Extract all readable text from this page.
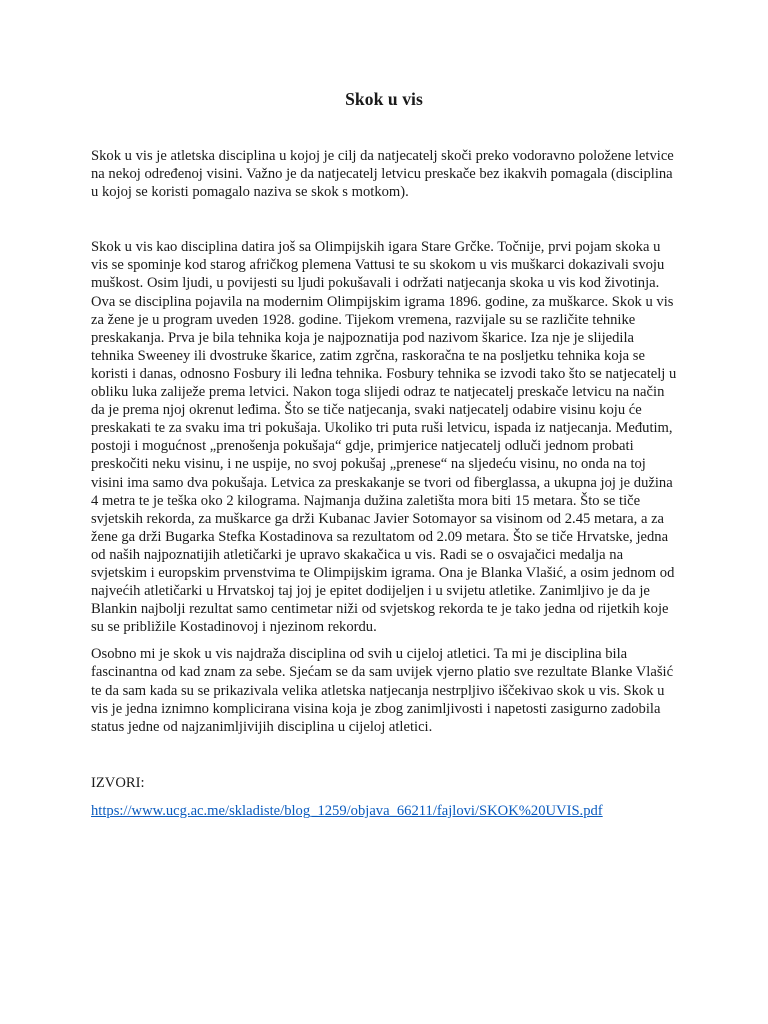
Skok u vis

Skok u vis je atletska disciplina u kojoj je cilj da natjecatelj skoči preko vodoravno položene letvice na nekoj određenoj visini. Važno je da natjecatelj letvicu preskače bez ikakvih pomagala (disciplina u kojoj se koristi pomagalo naziva se skok s motkom).

Skok u vis kao disciplina datira još sa Olimpijskih igara Stare Grčke. Točnije, prvi pojam skoka u vis se spominje kod starog afričkog plemena Vattusi te su skokom u vis muškarci dokazivali svoju muškost. Osim ljudi, u povijesti su ljudi pokušavali i održati natjecanja skoka u vis kod životinja. Ova se disciplina pojavila na modernim Olimpijskim igrama 1896. godine, za muškarce. Skok u vis za žene je u program uveden 1928. godine. Tijekom vremena, razvijale su se različite tehnike preskakanja. Prva je bila tehnika koja je najpoznatija pod nazivom škarice. Iza nje je slijedila tehnika Sweeney ili dvostruke škarice, zatim zgrčna, raskoračna te na posljetku tehnika koja se koristi i danas, odnosno Fosbury ili leđna tehnika. Fosbury tehnika se izvodi tako što se natjecatelj u obliku luka zaliježe prema letvici. Nakon toga slijedi odraz te natjecatelj preskače letvicu na način da je prema njoj okrenut leđima. Što se tiče natjecanja, svaki natjecatelj odabire visinu koju će preskakati te za svaku ima tri pokušaja. Ukoliko tri puta ruši letvicu, ispada iz natjecanja. Međutim, postoji i mogućnost „prenošenja pokušaja“ gdje, primjerice natjecatelj odluči jednom probati preskočiti neku visinu, i ne uspije, no svoj pokušaj „prenese“ na sljedeću visinu, no onda na toj visini ima samo dva pokušaja. Letvica za preskakanje se tvori od fiberglassa, a ukupna joj je dužina 4 metra te je teška oko 2 kilograma. Najmanja dužina zaletišta mora biti 15 metara. Što se tiče svjetskih rekorda, za muškarce ga drži Kubanac Javier Sotomayor sa visinom od 2.45 metara, a za žene ga drži Bugarka Stefka Kostadinova sa rezultatom od 2.09 metara. Što se tiče Hrvatske, jedna od naših najpoznatijih atletičarki je upravo skakačica u vis. Radi se o osvajačici medalja na svjetskim i europskim prvenstvima te Olimpijskim igrama. Ona je Blanka Vlašić, a osim jednom od najvećih atletičarki u Hrvatskoj taj joj je epitet dodijeljen i u svijetu atletike. Zanimljivo je da je Blankin najbolji rezultat samo centimetar niži od svjetskog rekorda te je tako jedna od rijetkih koje su se približile Kostadinovoj i njezinom rekordu.

Osobno mi je skok u vis najdraža disciplina od svih u cijeloj atletici. Ta mi je disciplina bila fascinantna od kad znam za sebe. Sjećam se da sam uvijek vjerno platio sve rezultate Blanke Vlašić te da sam kada su se prikazivala velika atletska natjecanja nestrpljivo iščekivao skok u vis. Skok u vis je jedna iznimno komplicirana visina koja je zbog zanimljivosti i napetosti zasigurno zadobila status jedne od najzanimljivijih disciplina u cijeloj atletici.

IZVORI:
https://www.ucg.ac.me/skladiste/blog_1259/objava_66211/fajlovi/SKOK%20UVIS.pdf
